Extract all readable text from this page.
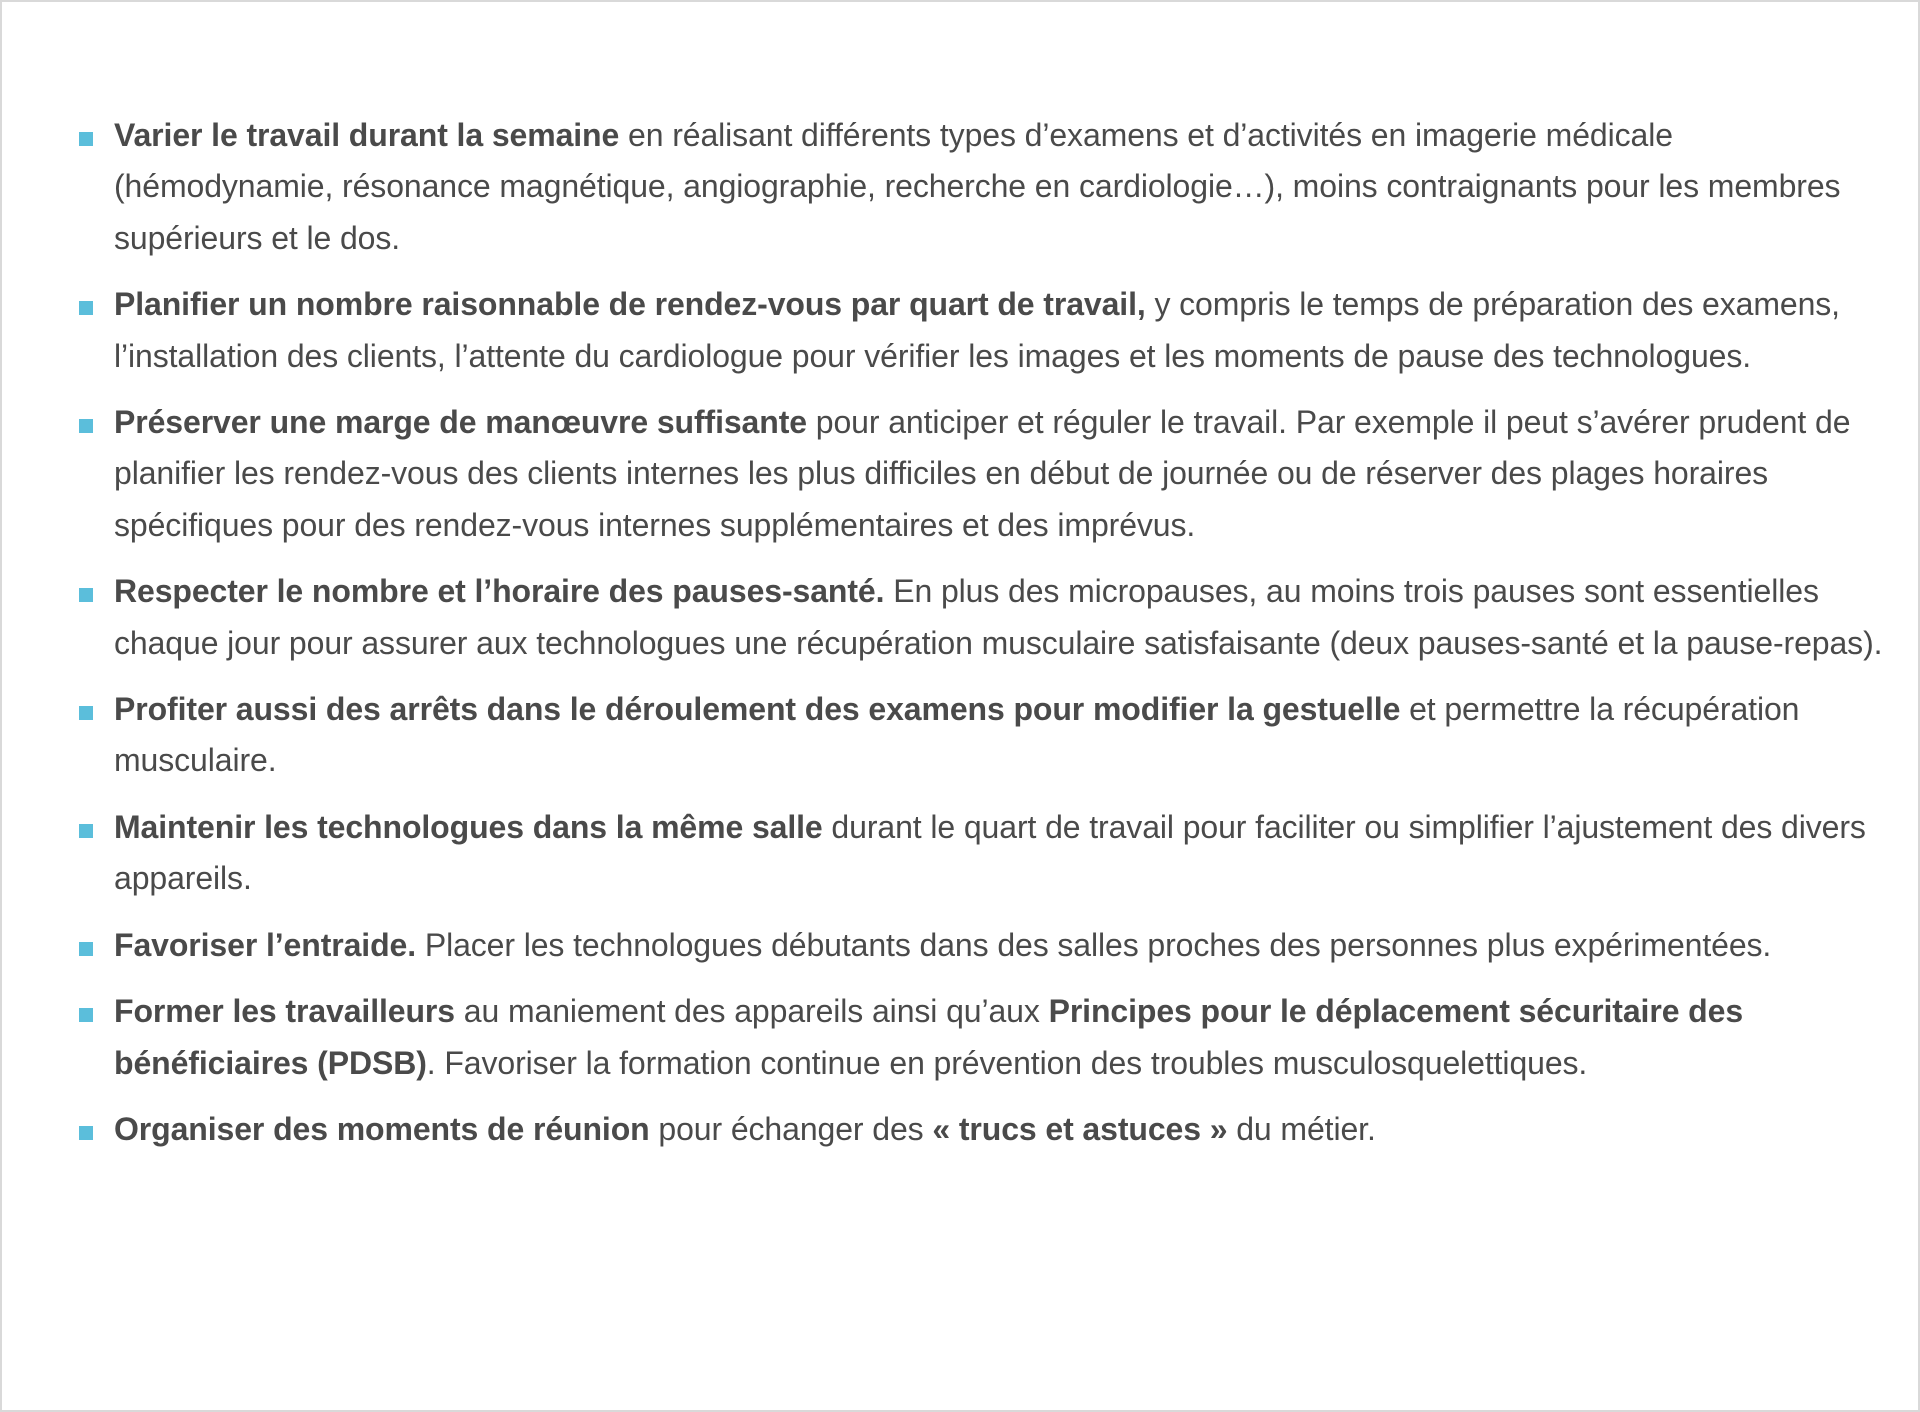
Varier le travail durant la semaine en réalisant différents types d’examens et d’activités en imagerie médicale (hémodynamie, résonance magnétique, angiographie, recherche en cardiologie…), moins contraignants pour les membres supérieurs et le dos.
Planifier un nombre raisonnable de rendez-vous par quart de travail, y compris le temps de préparation des examens, l’installation des clients, l’attente du cardiologue pour vérifier les images et les moments de pause des technologues.
Préserver une marge de manœuvre suffisante pour anticiper et réguler le travail. Par exemple il peut s’avérer prudent de planifier les rendez-vous des clients internes les plus difficiles en début de journée ou de réserver des plages horaires spécifiques pour des rendez-vous internes supplémentaires et des imprévus.
Respecter le nombre et l’horaire des pauses-santé. En plus des micropauses, au moins trois pauses sont essentielles chaque jour pour assurer aux technologues une récupération musculaire satisfaisante (deux pauses-santé et la pause-repas).
Profiter aussi des arrêts dans le déroulement des examens pour modifier la gestuelle et permettre la récupération musculaire.
Maintenir les technologues dans la même salle durant le quart de travail pour faciliter ou simplifier l’ajustement des divers appareils.
Favoriser l’entraide. Placer les technologues débutants dans des salles proches des personnes plus expérimentées.
Former les travailleurs au maniement des appareils ainsi qu’aux Principes pour le déplacement sécuritaire des bénéficiaires (PDSB). Favoriser la formation continue en prévention des troubles musculosquelettiques.
Organiser des moments de réunion pour échanger des « trucs et astuces » du métier.
